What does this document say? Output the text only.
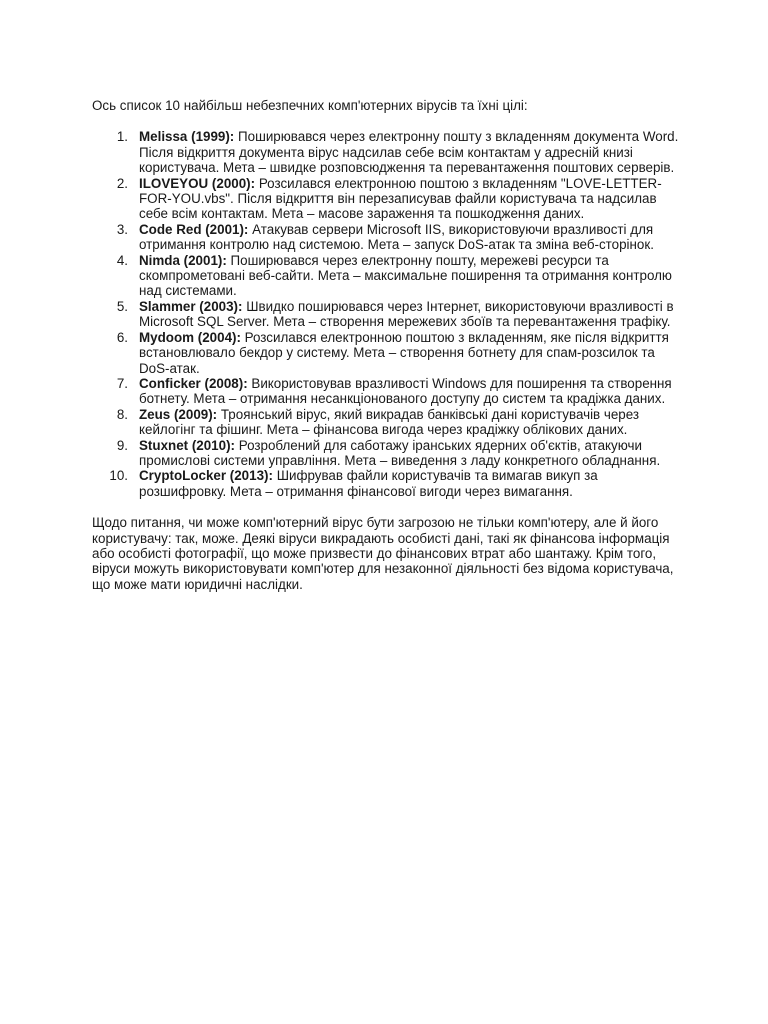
Ось список 10 найбільш небезпечних комп'ютерних вірусів та їхні цілі:

1. Melissa (1999): Поширювався через електронну пошту з вкладенням документа Word. Після відкриття документа вірус надсилав себе всім контактам у адресній книзі користувача. Мета – швидке розповсюдження та перевантаження поштових серверів.
2. ILOVEYOU (2000): Розсилався електронною поштою з вкладенням "LOVE-LETTER-FOR-YOU.vbs". Після відкриття він перезаписував файли користувача та надсилав себе всім контактам. Мета – масове зараження та пошкодження даних.
3. Code Red (2001): Атакував сервери Microsoft IIS, використовуючи вразливості для отримання контролю над системою. Мета – запуск DoS-атак та зміна веб-сторінок.
4. Nimda (2001): Поширювався через електронну пошту, мережеві ресурси та скомпрометовані веб-сайти. Мета – максимальне поширення та отримання контролю над системами.
5. Slammer (2003): Швидко поширювався через Інтернет, використовуючи вразливості в Microsoft SQL Server. Мета – створення мережевих збоїв та перевантаження трафіку.
6. Mydoom (2004): Розсилався електронною поштою з вкладенням, яке після відкриття встановлювало бекдор у систему. Мета – створення ботнету для спам-розсилок та DoS-атак.
7. Conficker (2008): Використовував вразливості Windows для поширення та створення ботнету. Мета – отримання несанкціонованого доступу до систем та крадіжка даних.
8. Zeus (2009): Троянський вірус, який викрадав банківські дані користувачів через кейлогінг та фішинг. Мета – фінансова вигода через крадіжку облікових даних.
9. Stuxnet (2010): Розроблений для саботажу іранських ядерних об'єктів, атакуючи промислові системи управління. Мета – виведення з ладу конкретного обладнання.
10. CryptoLocker (2013): Шифрував файли користувачів та вимагав викуп за розшифровку. Мета – отримання фінансової вигоди через вимагання.

Щодо питання, чи може комп'ютерний вірус бути загрозою не тільки комп'ютеру, але й його користувачу: так, може. Деякі віруси викрадають особисті дані, такі як фінансова інформація або особисті фотографії, що може призвести до фінансових втрат або шантажу. Крім того, віруси можуть використовувати комп'ютер для незаконної діяльності без відома користувача, що може мати юридичні наслідки.
